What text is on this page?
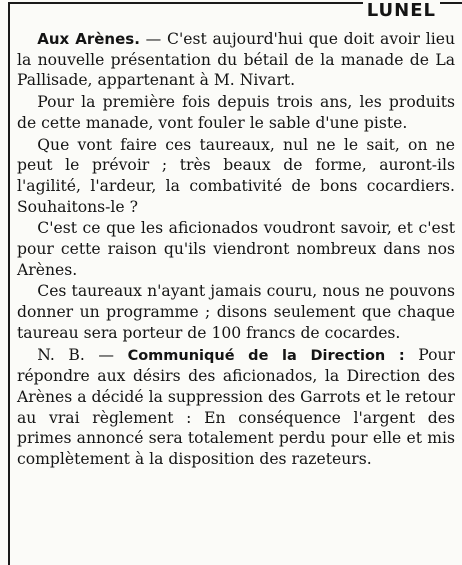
LUNEL

Aux Arènes. — C'est aujourd'hui que doit avoir lieu la nouvelle présentation du bétail de la manade de La Pallisade, appartenant à M. Nivart.

Pour la première fois depuis trois ans, les produits de cette manade, vont fouler le sable d'une piste.

Que vont faire ces taureaux, nul ne le sait, on ne peut le prévoir ; très beaux de forme, auront-ils l'agilité, l'ardeur, la combativité de bons cocardiers. Souhaitons-le ?

C'est ce que les aficionados voudront savoir, et c'est pour cette raison qu'ils viendront nombreux dans nos Arènes.

Ces taureaux n'ayant jamais couru, nous ne pouvons donner un programme ; disons seulement que chaque taureau sera porteur de 100 francs de cocardes.

N. B. — Communiqué de la Direction : Pour répondre aux désirs des aficionados, la Direction des Arènes a décidé la suppression des Garrots et le retour au vrai règlement : En conséquence l'argent des primes annoncé sera totalement perdu pour elle et mis complètement à la disposition des razeteurs.
